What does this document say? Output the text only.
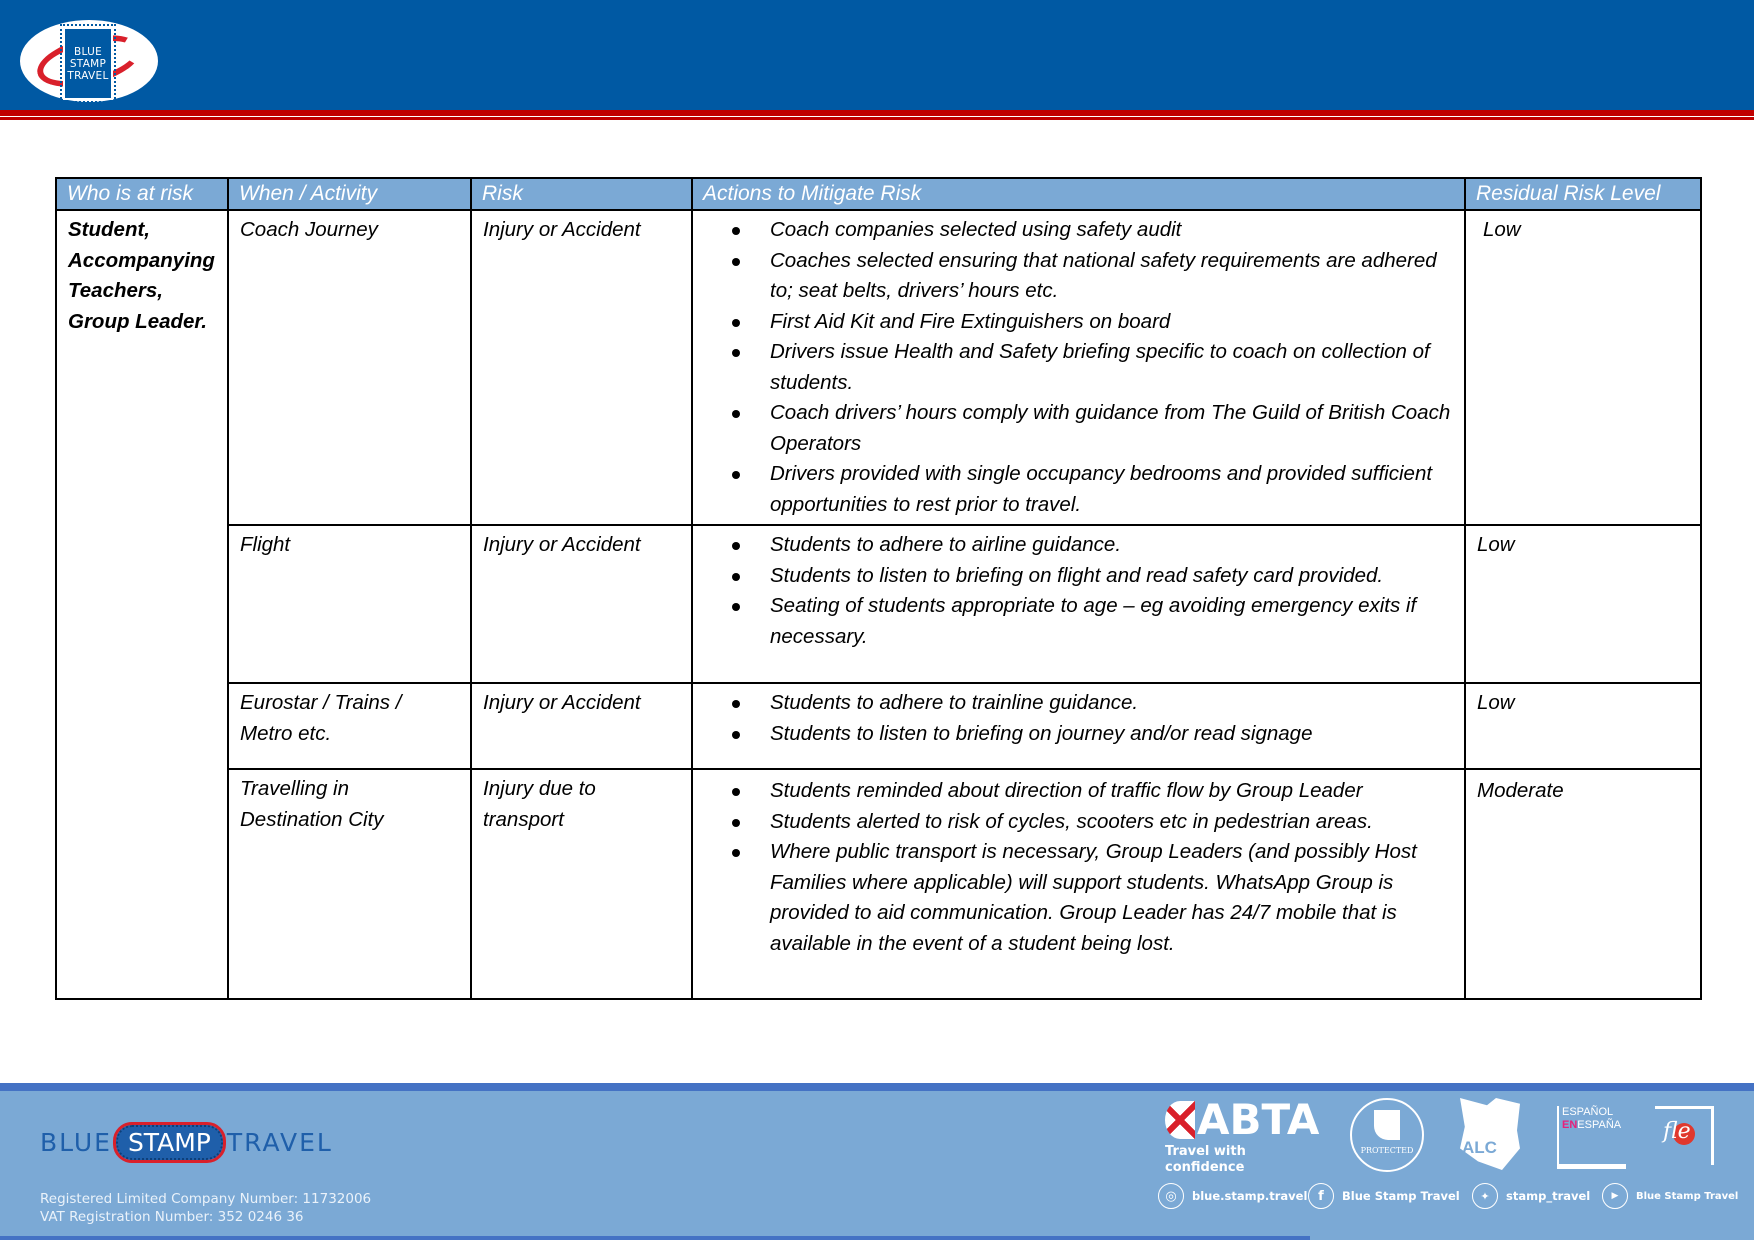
BLUE
STAMP
TRAVEL
Who is at risk	When / Activity	Risk	Actions to Mitigate Risk	Residual Risk Level
Student, Accompanying Teachers, Group Leader.	Coach Journey	Injury or Accident	Coach companies selected using safety audit
Coaches selected ensuring that national safety requirements are adhered to; seat belts, drivers’ hours etc.
First Aid Kit and Fire Extinguishers on board
Drivers issue Health and Safety briefing specific to coach on collection of students.
Coach drivers’ hours comply with guidance from The Guild of British Coach Operators
Drivers provided with single occupancy bedrooms and provided sufficient opportunities to rest prior to travel.
	Low
Flight	Injury or Accident	Students to adhere to airline guidance.
Students to listen to briefing on flight and read safety card provided.
Seating of students appropriate to age – eg avoiding emergency exits if necessary.
	Low
Eurostar / Trains / Metro etc.	Injury or Accident	Students to adhere to trainline guidance.
Students to listen to briefing on journey and/or read signage
	Low
Travelling in Destination City	Injury due to transport	
Students reminded about direction of traffic flow by Group Leader
Students alerted to risk of cycles, scooters etc in pedestrian areas.
Where public transport is necessary, Group Leaders (and possibly Host Families where applicable) will support students. WhatsApp Group is provided to aid communication. Group Leader has 24/7 mobile that is available in the event of a student being lost.
	Moderate
BLUE STAMP TRAVEL
Registered Limited Company Number: 11732006
VAT Registration Number: 352 0246 36
ABTA
Travel with confidence
PROTECTED	ALC
ESPAÑOL
ENESPAÑA fle
◎	blue.stamp.travel f	Blue Stamp Travel	✦	stamp_travel	▶	Blue Stamp Travel
